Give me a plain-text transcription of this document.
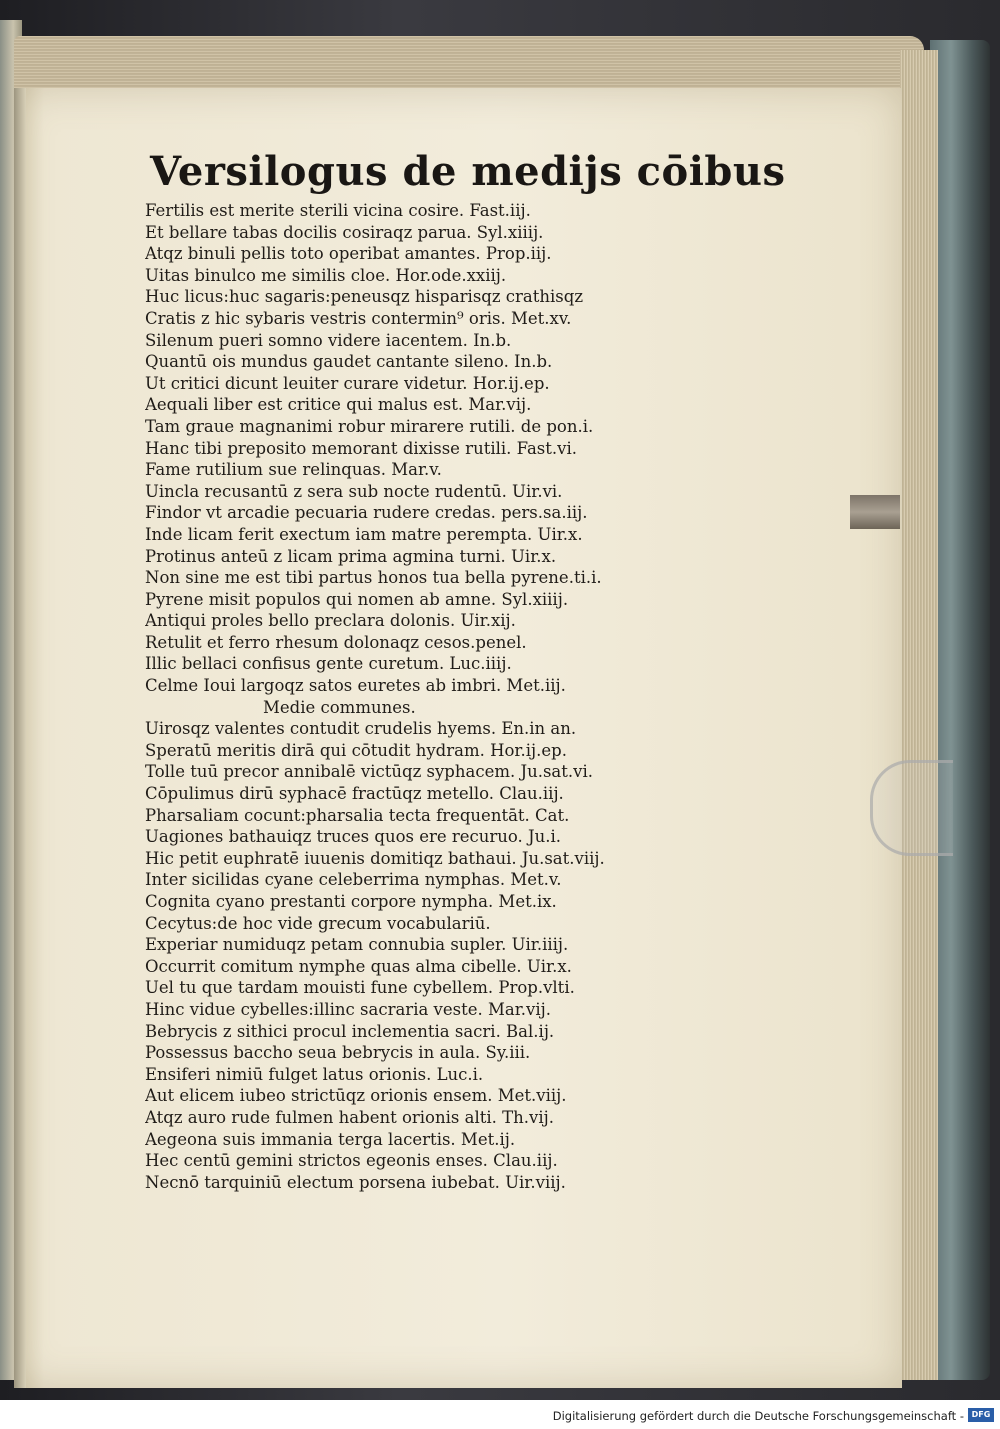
Versilogus de medijs cōibus
Fertilis est merite sterili vicina cosire. Fast.iij.
Et bellare tabas docilis cosiraqz parua. Syl.xiiij.
Atqz binuli pellis toto operibat amantes. Prop.iij.
Uitas binulco me similis cloe. Hor.ode.xxiij.
Huc licus:huc sagaris:peneusqz hisparisqz crathisqz
Cratis z hic sybaris vestris contermin⁹ oris. Met.xv.
Silenum pueri somno videre iacentem. In.b.
Quantū ois mundus gaudet cantante sileno. In.b.
Ut critici dicunt leuiter curare videtur. Hor.ij.ep.
Aequali liber est critice qui malus est. Mar.vij.
Tam graue magnanimi robur mirarere rutili. de pon.i.
Hanc tibi preposito memorant dixisse rutili. Fast.vi.
Fame rutilium sue relinquas. Mar.v.
Uincla recusantū z sera sub nocte rudentū. Uir.vi.
Findor vt arcadie pecuaria rudere credas. pers.sa.iij.
Inde licam ferit exectum iam matre perempta. Uir.x.
Protinus anteū z licam prima agmina turni. Uir.x.
Non sine me est tibi partus honos tua bella pyrene.ti.i.
Pyrene misit populos qui nomen ab amne. Syl.xiiij.
Antiqui proles bello preclara dolonis. Uir.xij.
Retulit et ferro rhesum dolonaqz cesos.penel.
Illic bellaci confisus gente curetum. Luc.iiij.
Celme Ioui largoqz satos euretes ab imbri. Met.iij.
Medie communes.
Uirosqz valentes contudit crudelis hyems. En.in an.
Speratū meritis dirā qui cōtudit hydram. Hor.ij.ep.
Tolle tuū precor annibalē victūqz syphacem. Ju.sat.vi.
Cōpulimus dirū syphacē fractūqz metello. Clau.iij.
Pharsaliam cocunt:pharsalia tecta frequentāt. Cat.
Uagiones bathauiqz truces quos ere recuruo. Ju.i.
Hic petit euphratē iuuenis domitiqz bathaui. Ju.sat.viij.
Inter sicilidas cyane celeberrima nymphas. Met.v.
Cognita cyano prestanti corpore nympha. Met.ix.
Cecytus:de hoc vide grecum vocabulariū.
Experiar numiduqz petam connubia supler. Uir.iiij.
Occurrit comitum nymphe quas alma cibelle. Uir.x.
Uel tu que tardam mouisti fune cybellem. Prop.vlti.
Hinc vidue cybelles:illinc sacraria veste. Mar.vij.
Bebrycis z sithici procul inclementia sacri. Bal.ij.
Possessus baccho seua bebrycis in aula. Sy.iii.
Ensiferi nimiū fulget latus orionis. Luc.i.
Aut elicem iubeo strictūqz orionis ensem. Met.viij.
Atqz auro rude fulmen habent orionis alti. Th.vij.
Aegeona suis immania terga lacertis. Met.ij.
Hec centū gemini strictos egeonis enses. Clau.iij.
Necnō tarquiniū electum porsena iubebat. Uir.viij.
Digitalisierung gefördert durch die Deutsche Forschungsgemeinschaft - DFG
